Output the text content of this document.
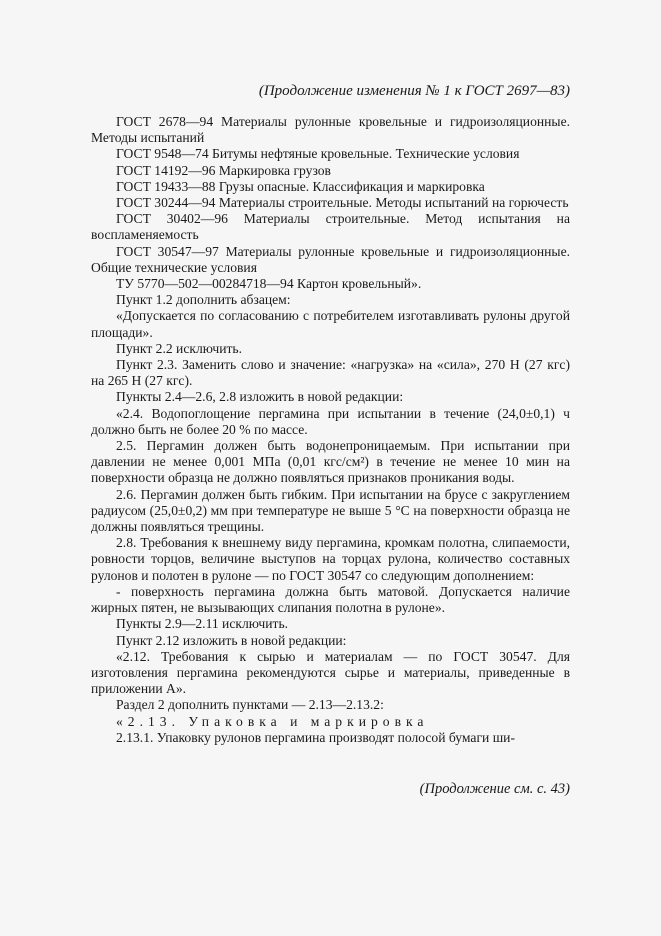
(Продолжение изменения № 1 к ГОСТ 2697—83)

ГОСТ 2678—94 Материалы рулонные кровельные и гидроизоляционные. Методы испытаний

ГОСТ 9548—74 Битумы нефтяные кровельные. Технические условия

ГОСТ 14192—96 Маркировка грузов

ГОСТ 19433—88 Грузы опасные. Классификация и маркировка

ГОСТ 30244—94 Материалы строительные. Методы испытаний на горючесть

ГОСТ 30402—96 Материалы строительные. Метод испытания на воспламеняемость

ГОСТ 30547—97 Материалы рулонные кровельные и гидроизоляционные. Общие технические условия

ТУ 5770—502—00284718—94 Картон кровельный».

Пункт 1.2 дополнить абзацем:

«Допускается по согласованию с потребителем изготавливать рулоны другой площади».

Пункт 2.2 исключить.

Пункт 2.3. Заменить слово и значение: «нагрузка» на «сила», 270 Н (27 кгс) на 265 Н (27 кгс).

Пункты 2.4—2.6, 2.8 изложить в новой редакции:

«2.4. Водопоглощение пергамина при испытании в течение (24,0±0,1) ч должно быть не более 20 % по массе.

2.5. Пергамин должен быть водонепроницаемым. При испытании при давлении не менее 0,001 МПа (0,01 кгс/см²) в течение не менее 10 мин на поверхности образца не должно появляться признаков проникания воды.

2.6. Пергамин должен быть гибким. При испытании на брусе с закруглением радиусом (25,0±0,2) мм при температуре не выше 5 °С на поверхности образца не должны появляться трещины.

2.8. Требования к внешнему виду пергамина, кромкам полотна, слипаемости, ровности торцов, величине выступов на торцах рулона, количество составных рулонов и полотен в рулоне — по ГОСТ 30547 со следующим дополнением:

- поверхность пергамина должна быть матовой. Допускается наличие жирных пятен, не вызывающих слипания полотна в рулоне».

Пункты 2.9—2.11 исключить.

Пункт 2.12 изложить в новой редакции:

«2.12. Требования к сырью и материалам — по ГОСТ 30547. Для изготовления пергамина рекомендуются сырье и материалы, приведенные в приложении А».

Раздел 2 дополнить пунктами — 2.13—2.13.2:

«2.13. Упаковка и маркировка

2.13.1. Упаковку рулонов пергамина производят полосой бумаги ши-

(Продолжение см. с. 43)
